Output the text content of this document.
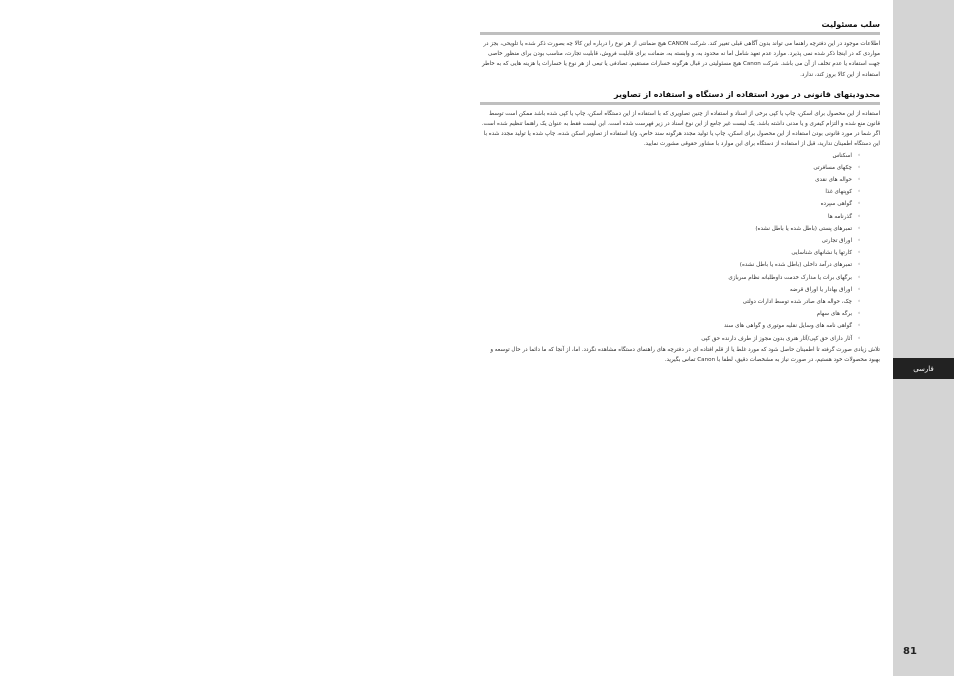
فارسی
81
سلب مسئولیت

اطلاعات موجود در این دفترچه راهنما می تواند بدون آگاهی قبلی تغییر کند. شرکت CANON هیچ ضمانتی از هر نوع را درباره این کالا چه بصورت ذکر شده یا تلویحی، بجز در مواردی که در اینجا ذکر شده نمی پذیرد. موارد عدم تعهد شامل اما نه محدود به، و وابسته به، ضمانت برای قابلیت فروش، قابلیت تجارت، مناسب بودن برای منظور خاصی جهت استفاده یا عدم تخلف از آن می باشد. شرکت Canon هیچ مسئولیتی در قبال هرگونه خسارات مستقیم، تصادفی یا تبعی از هر نوع یا خسارات یا هزینه هایی که به خاطر استفاده از این کالا بروز کند، ندارد.

محدودیتهای قانونی در مورد استفاده از دستگاه و استفاده از تصاویر

استفاده از این محصول برای اسکن، چاپ یا کپی برخی از اسناد و استفاده از چنین تصاویری که با استفاده از این دستگاه اسکن، چاپ یا کپی شده باشد ممکن است توسط قانون منع شده و التزام کیفری و یا مدنی داشته باشد. یک لیست غیر جامع از این نوع اسناد در زیر فهرست شده است. این لیست فقط به عنوان یک راهنما تنظیم شده است. اگر شما در مورد قانونی بودن استفاده از این محصول برای اسکن، چاپ یا تولید مجدد هرگونه سند خاص، و/یا استفاده از تصاویر اسکن شده، چاپ شده یا تولید مجدد شده با این دستگاه اطمینان ندارید، قبل از استفاده از دستگاه برای این موارد با مشاور حقوقی مشورت نمایید.

◦
اسکناس
◦
چکهای مسافرتی
◦
حواله های نقدی
◦
کوپنهای غذا
◦
گواهی سپرده
◦
گذرنامه ها
◦
تمبرهای پستی (باطل شده یا باطل نشده)
◦
اوراق تجارتی
◦
کارتها یا نشانهای شناسایی
◦
تمبرهای درآمد داخلی (باطل شده یا باطل نشده)
◦
برگهای برات یا مدارک خدمت داوطلبانه نظام سربازی
◦
اوراق بهادار یا اوراق قرضه
◦
چک، حواله های صادر شده توسط ادارات دولتی
◦
برگه های سهام
◦
گواهی نامه های وسایل نقلیه موتوری و گواهی های سند
◦
آثار دارای حق کپی/آثار هنری بدون مجوز از طرف دارنده حق کپی

تلاش زیادی صورت گرفته تا اطمینان حاصل شود که مورد غلط یا از قلم افتاده ای در دفترچه های راهنمای دستگاه مشاهده نگردد. اما، از آنجا که ما دائما در حال توسعه و بهبود محصولات خود هستیم، در صورت نیاز به مشخصات دقیق، لطفا با Canon تماس بگیرید.
